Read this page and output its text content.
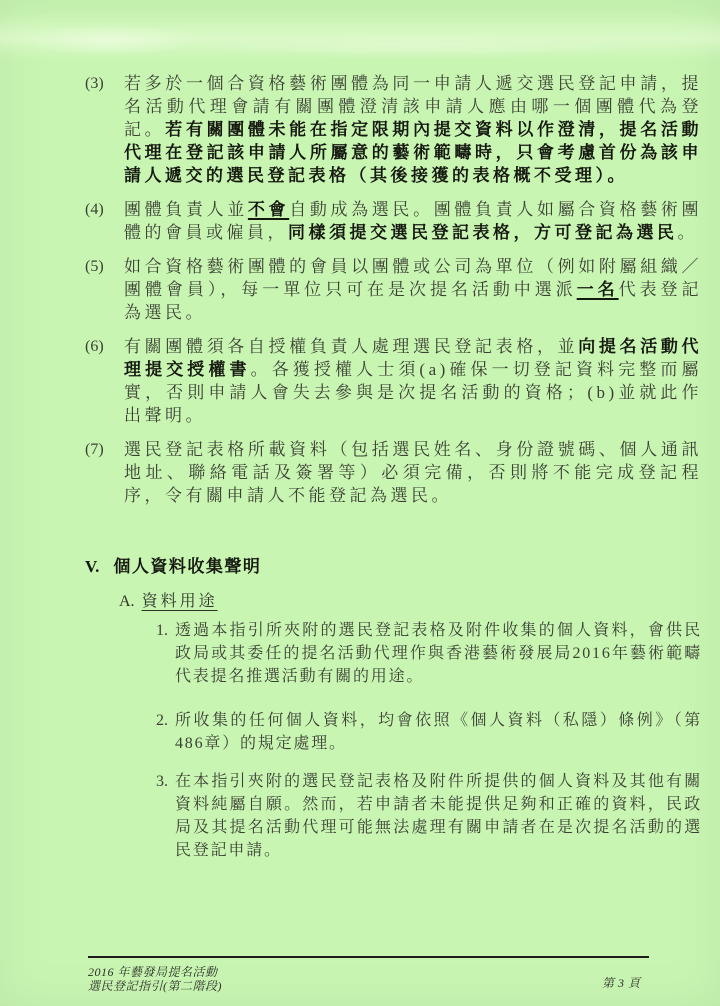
(3) 若多於一個合資格藝術團體為同一申請人遞交選民登記申請，提名活動代理會請有關團體澄清該申請人應由哪一個團體代為登記。若有關團體未能在指定限期內提交資料以作澄清，提名活動代理在登記該申請人所屬意的藝術範疇時，只會考慮首份為該申請人遞交的選民登記表格（其後接獲的表格概不受理）。
(4) 團體負責人並不會自動成為選民。團體負責人如屬合資格藝術團體的會員或僱員，同樣須提交選民登記表格，方可登記為選民。
(5) 如合資格藝術團體的會員以團體或公司為單位（例如附屬組織／團體會員），每一單位只可在是次提名活動中選派一名代表登記為選民。
(6) 有關團體須各自授權負責人處理選民登記表格，並向提名活動代理提交授權書。各獲授權人士須(a)確保一切登記資料完整而屬實，否則申請人會失去參與是次提名活動的資格；(b)並就此作出聲明。
(7) 選民登記表格所載資料（包括選民姓名、身份證號碼、個人通訊地址、聯絡電話及簽署等）必須完備，否則將不能完成登記程序，令有關申請人不能登記為選民。
V. 個人資料收集聲明
A. 資料用途
1. 透過本指引所夾附的選民登記表格及附件收集的個人資料，會供民政局或其委任的提名活動代理作與香港藝術發展局2016年藝術範疇代表提名推選活動有關的用途。
2. 所收集的任何個人資料，均會依照《個人資料（私隱）條例》（第486章）的規定處理。
3. 在本指引夾附的選民登記表格及附件所提供的個人資料及其他有關資料純屬自願。然而，若申請者未能提供足夠和正確的資料，民政局及其提名活動代理可能無法處理有關申請者在是次提名活動的選民登記申請。
2016 年藝發局提名活動
選民登記指引(第二階段)	第 3 頁
